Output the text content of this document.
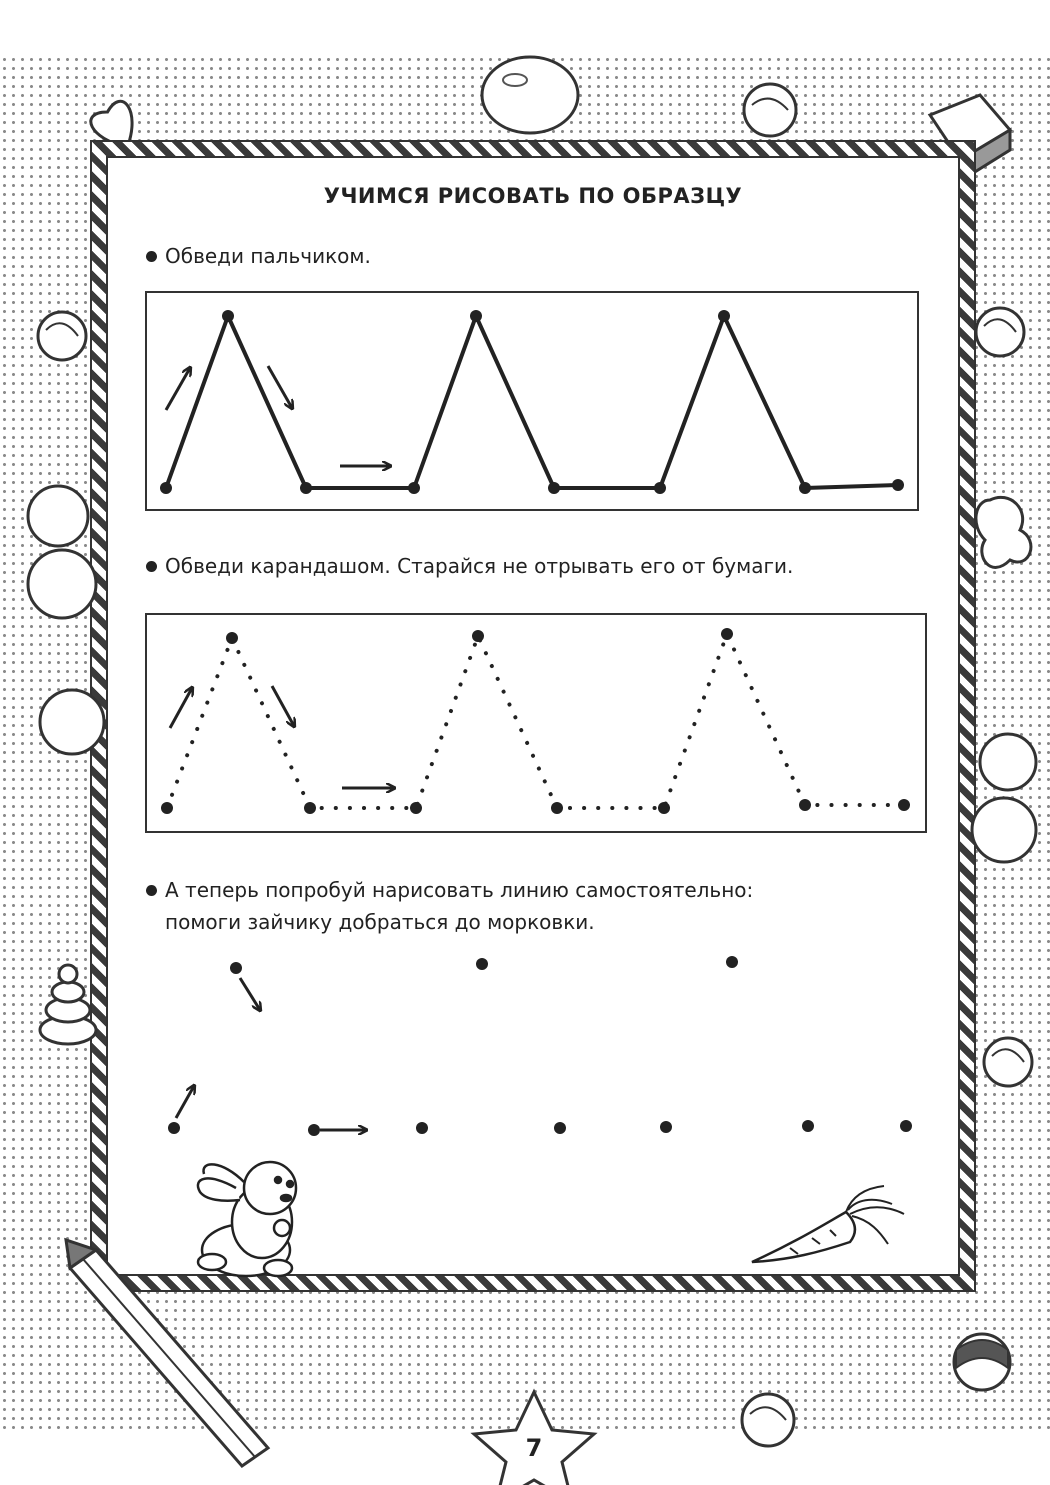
УЧИМСЯ РИСОВАТЬ ПО ОБРАЗЦУ
Обведи пальчиком.
Обведи карандашом. Старайся не отрывать его от бумаги.
А теперь попробуй нарисовать линию самостоятельно:
помоги зайчику добраться до морковки.
7
